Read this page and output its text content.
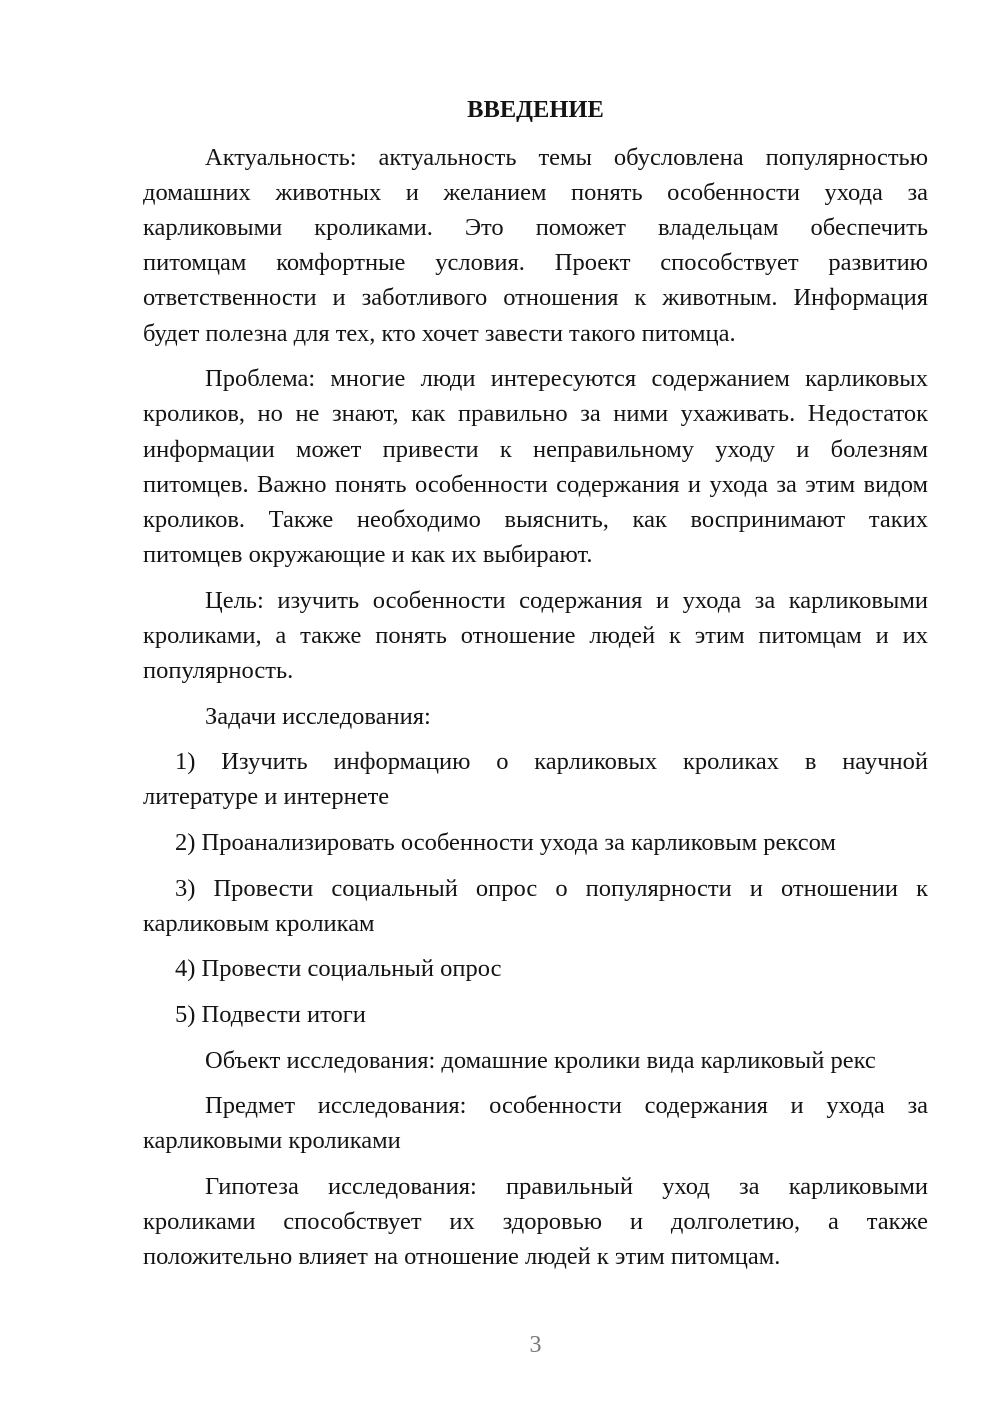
ВВЕДЕНИЕ
Актуальность: актуальность темы обусловлена популярностью
домашних животных и желанием понять особенности ухода за
карликовыми кроликами. Это поможет владельцам обеспечить
питомцам комфортные условия. Проект способствует развитию
ответственности и заботливого отношения к животным. Информация
будет полезна для тех, кто хочет завести такого питомца.
Проблема: многие люди интересуются содержанием карликовых
кроликов, но не знают, как правильно за ними ухаживать. Недостаток
информации может привести к неправильному уходу и болезням
питомцев. Важно понять особенности содержания и ухода за этим видом
кроликов. Также необходимо выяснить, как воспринимают таких
питомцев окружающие и как их выбирают.
Цель: изучить особенности содержания и ухода за карликовыми
кроликами, а также понять отношение людей к этим питомцам и их
популярность.
Задачи исследования:
1) Изучить информацию о карликовых кроликах в научной
литературе и интернете
2) Проанализировать особенности ухода за карликовым рексом
3) Провести социальный опрос о популярности и отношении к
карликовым кроликам
4) Провести социальный опрос
5) Подвести итоги
Объект исследования: домашние кролики вида карликовый рекс
Предмет исследования: особенности содержания и ухода за
карликовыми кроликами
Гипотеза исследования: правильный уход за карликовыми
кроликами способствует их здоровью и долголетию, а также
положительно влияет на отношение людей к этим питомцам.
3
